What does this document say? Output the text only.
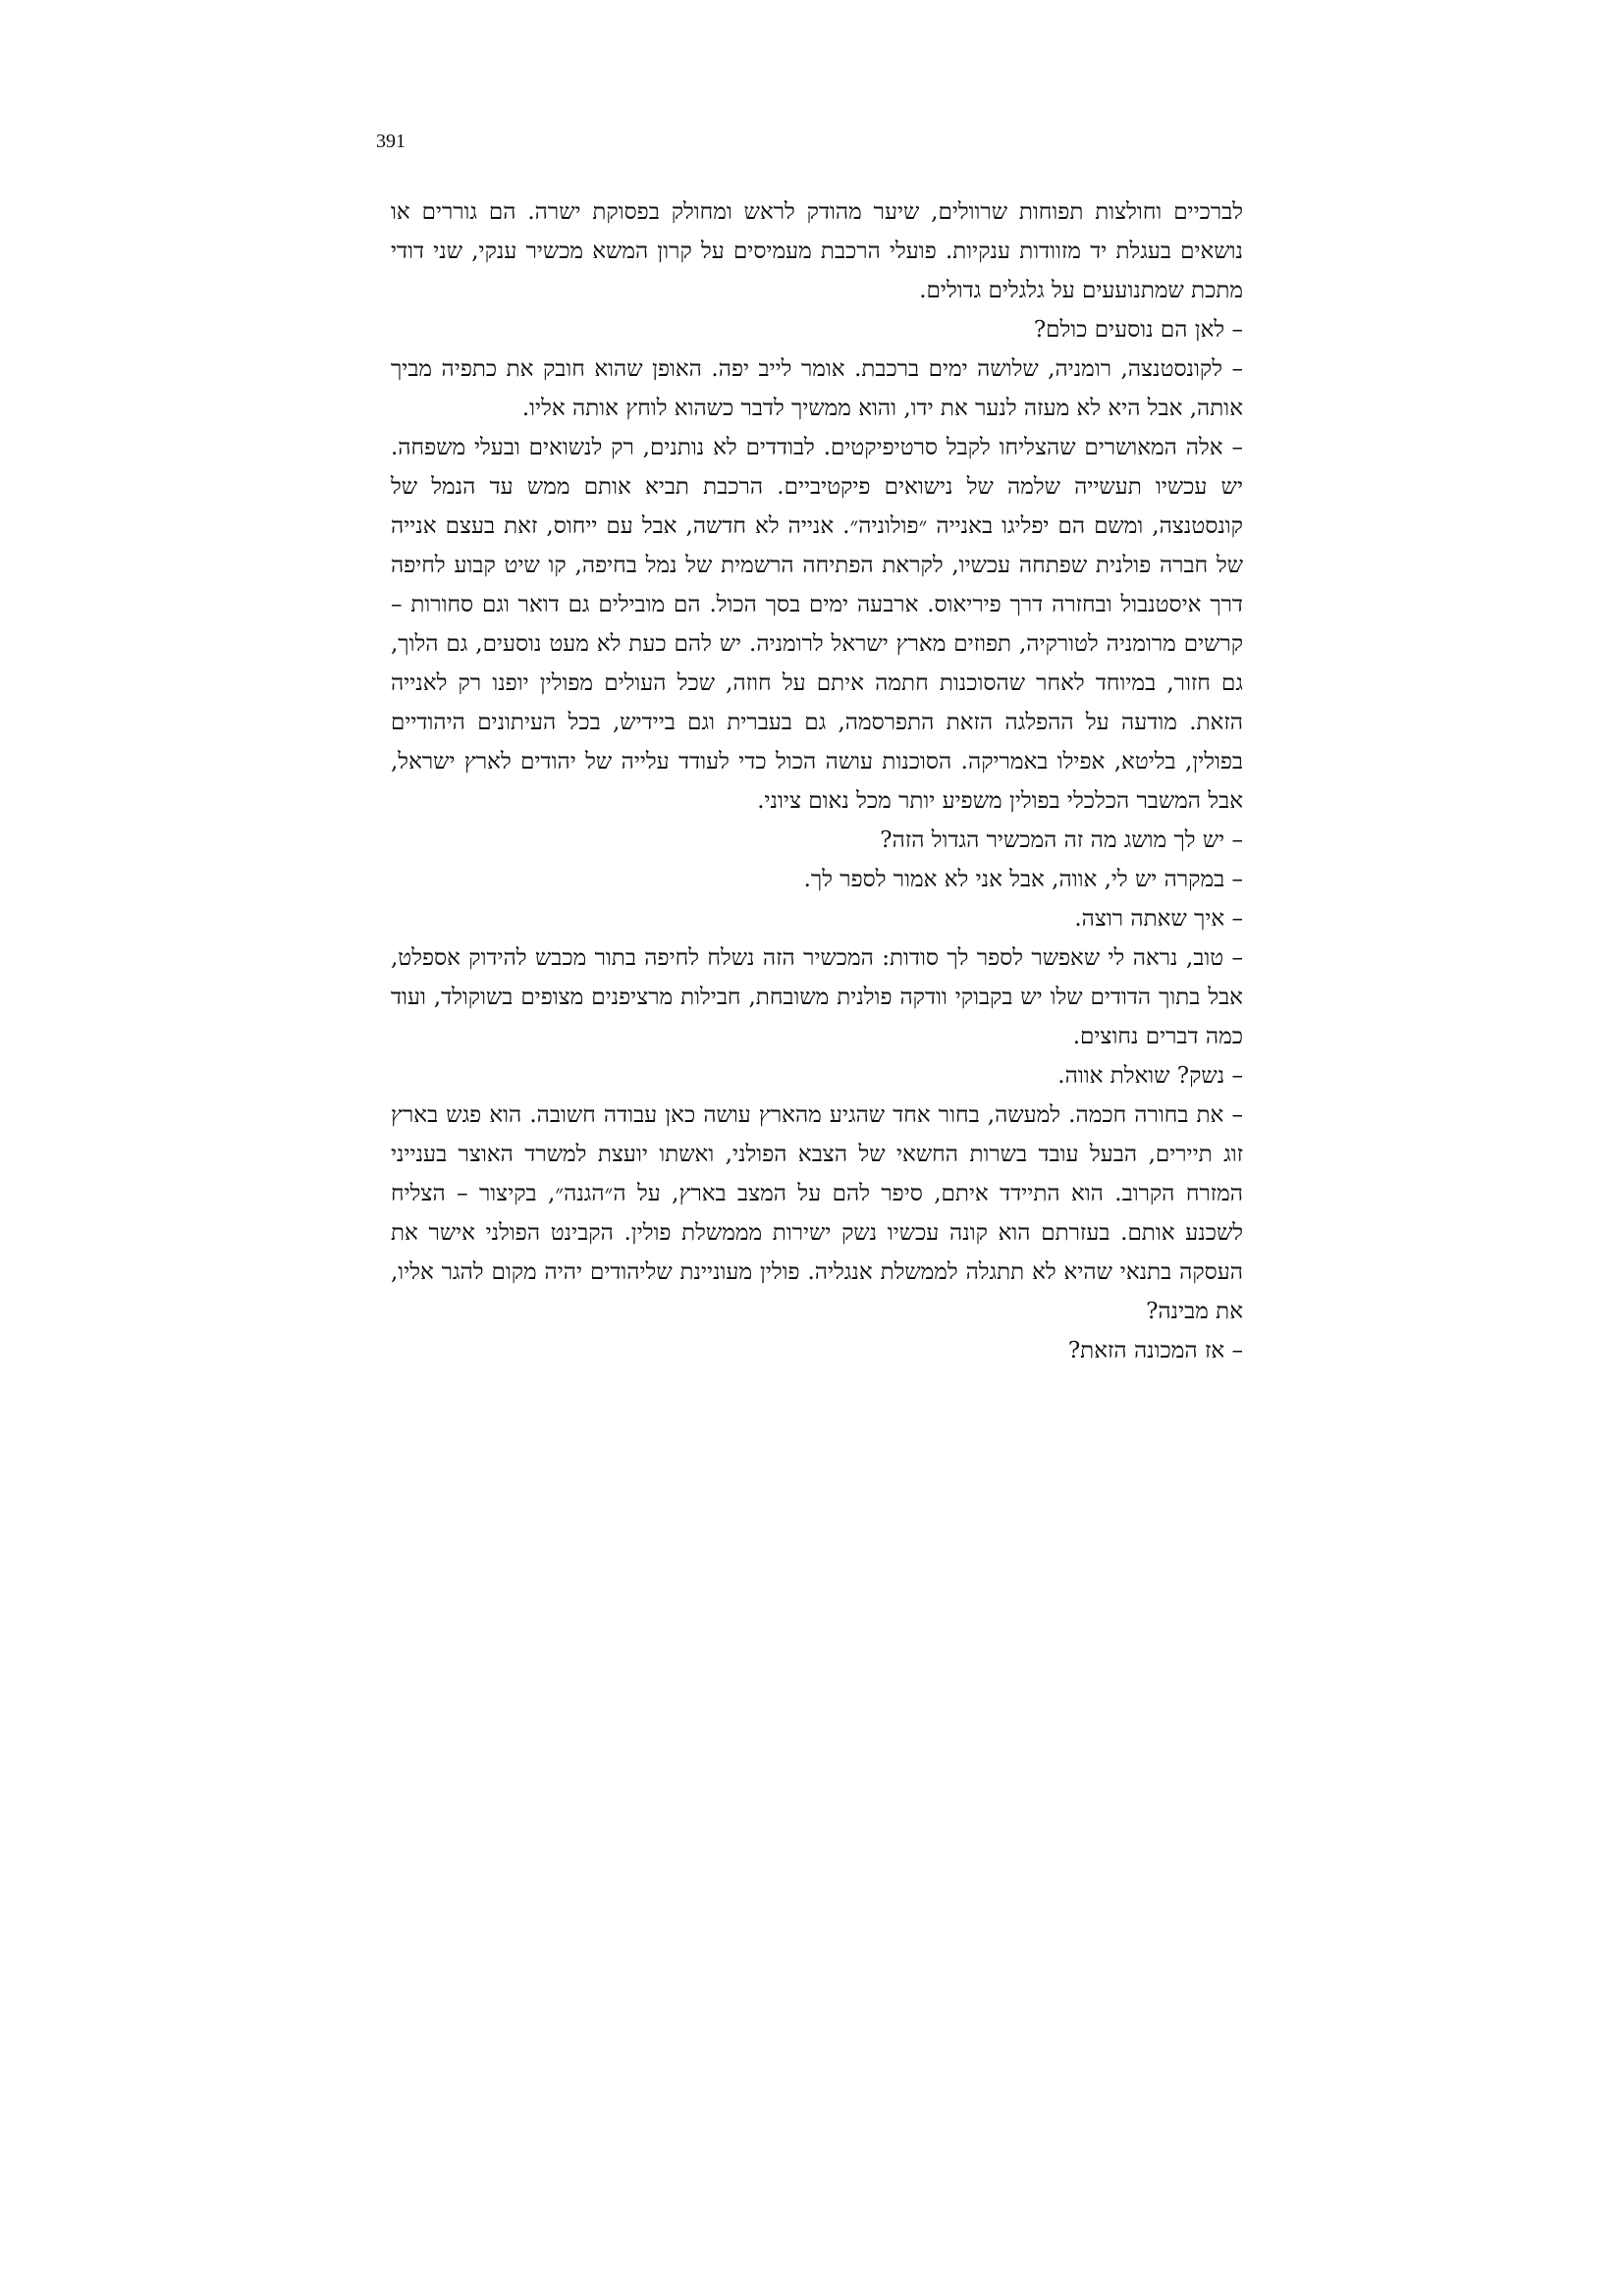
391

לברכיים וחולצות תפוחות שרוולים, שיער מהודק לראש ומחולק בפסוקת ישרה. הם גוררים או נושאים בעגלת יד מזוודות ענקיות. פועלי הרכבת מעמיסים על קרון המשא מכשיר ענקי, שני דודי מתכת שמתנועעים על גלגלים גדולים.

– לאן הם נוסעים כולם?

– לקונסטנצה, רומניה, שלושה ימים ברכבת. אומר לייב יפה. האופן שהוא חובק את כתפיה מביך אותה, אבל היא לא מעזה לנער את ידו, והוא ממשיך לדבר כשהוא לוחץ אותה אליו.

– אלה המאושרים שהצליחו לקבל סרטיפיקטים. לבודדים לא נותנים, רק לנשואים ובעלי משפחה. יש עכשיו תעשייה שלמה של נישואים פיקטיביים. הרכבת תביא אותם ממש עד הנמל של קונסטנצה, ומשם הם יפליגו באנייה ״פולוניה״. אנייה לא חדשה, אבל עם ייחוס, זאת בעצם אנייה של חברה פולנית שפתחה עכשיו, לקראת הפתיחה הרשמית של נמל בחיפה, קו שיט קבוע לחיפה דרך איסטנבול ובחזרה דרך פיריאוס. ארבעה ימים בסך הכול. הם מובילים גם דואר וגם סחורות – קרשים מרומניה לטורקיה, תפוזים מארץ ישראל לרומניה. יש להם כעת לא מעט נוסעים, גם הלוך, גם חזור, במיוחד לאחר שהסוכנות חתמה איתם על חוזה, שכל העולים מפולין יופנו רק לאנייה הזאת. מודעה על ההפלגה הזאת התפרסמה, גם בעברית וגם ביידיש, בכל העיתונים היהודיים בפולין, בליטא, אפילו באמריקה. הסוכנות עושה הכול כדי לעודד עלייה של יהודים לארץ ישראל, אבל המשבר הכלכלי בפולין משפיע יותר מכל נאום ציוני.

– יש לך מושג מה זה המכשיר הגדול הזה?

– במקרה יש לי, אווה, אבל אני לא אמור לספר לך.

– איך שאתה רוצה.

– טוב, נראה לי שאפשר לספר לך סודות: המכשיר הזה נשלח לחיפה בתור מכבש להידוק אספלט, אבל בתוך הדודים שלו יש בקבוקי וודקה פולנית משובחת, חבילות מרציפנים מצופים בשוקולד, ועוד כמה דברים נחוצים.

– נשק? שואלת אווה.

– את בחורה חכמה. למעשה, בחור אחד שהגיע מהארץ עושה כאן עבודה חשובה. הוא פגש בארץ זוג תיירים, הבעל עובד בשרות החשאי של הצבא הפולני, ואשתו יועצת למשרד האוצר בענייני המזרח הקרוב. הוא התיידד איתם, סיפר להם על המצב בארץ, על ה״הגנה״, בקיצור – הצליח לשכנע אותם. בעזרתם הוא קונה עכשיו נשק ישירות מממשלת פולין. הקבינט הפולני אישר את העסקה בתנאי שהיא לא תתגלה לממשלת אנגליה. פולין מעוניינת שליהודים יהיה מקום להגר אליו, את מבינה?

– אז המכונה הזאת?
